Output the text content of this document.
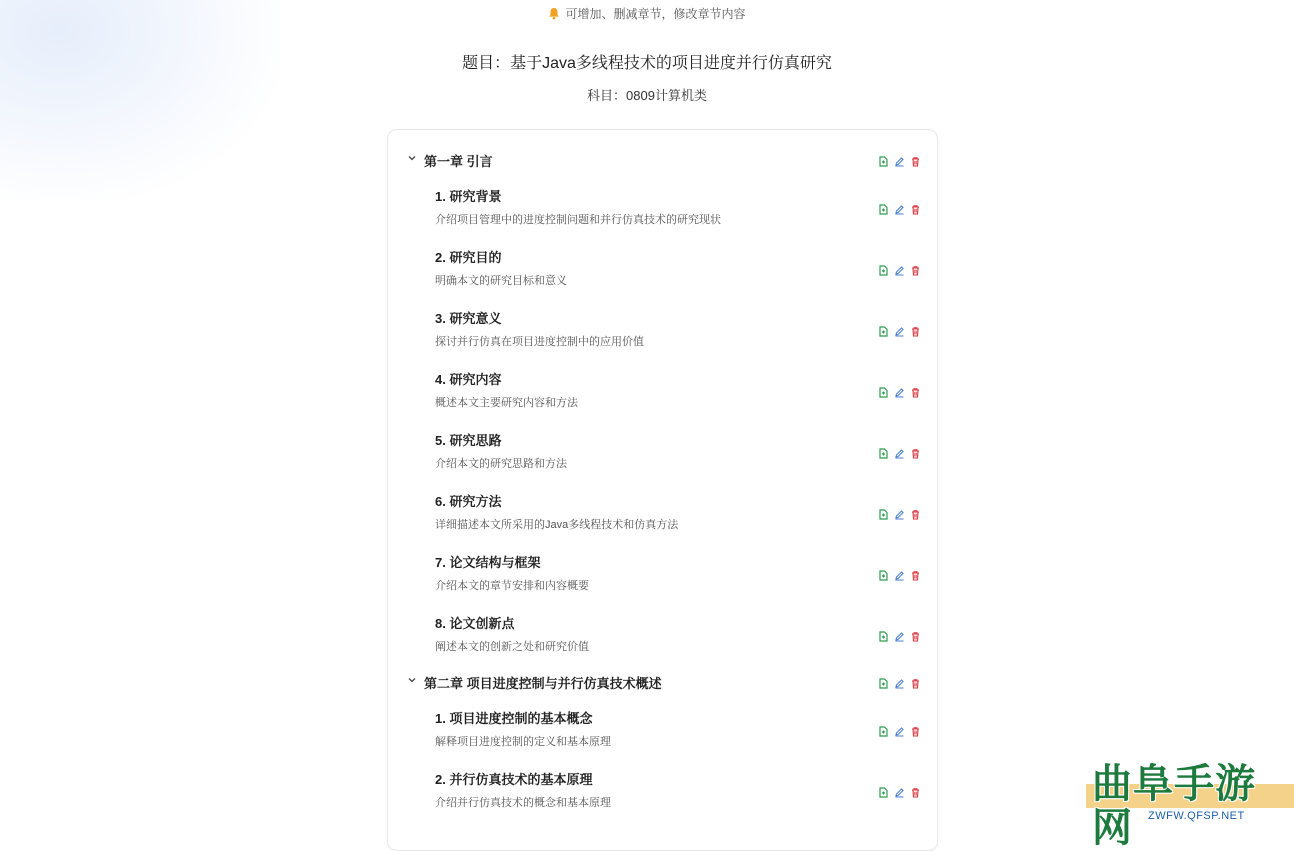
可增加、删减章节，修改章节内容
题目：基于Java多线程技术的项目进度并行仿真研究
科目：0809计算机类
第一章 引言
1. 研究背景
介绍项目管理中的进度控制问题和并行仿真技术的研究现状
2. 研究目的
明确本文的研究目标和意义
3. 研究意义
探讨并行仿真在项目进度控制中的应用价值
4. 研究内容
概述本文主要研究内容和方法
5. 研究思路
介绍本文的研究思路和方法
6. 研究方法
详细描述本文所采用的Java多线程技术和仿真方法
7. 论文结构与框架
介绍本文的章节安排和内容概要
8. 论文创新点
阐述本文的创新之处和研究价值
第二章 项目进度控制与并行仿真技术概述
1. 项目进度控制的基本概念
解释项目进度控制的定义和基本原理
2. 并行仿真技术的基本原理
介绍并行仿真技术的概念和基本原理	曲阜手游网	ZWFW.QFSP.NET
